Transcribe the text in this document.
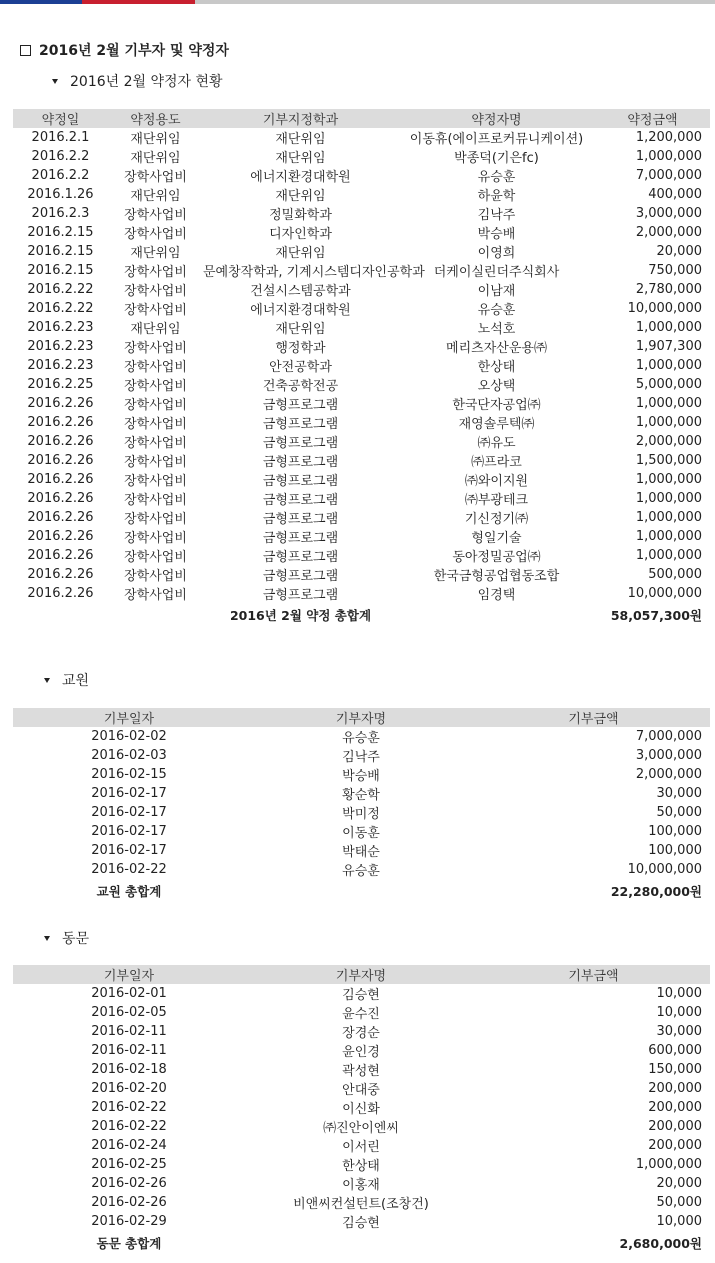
2016년 2월 기부자 및 약정자
2016년 2월 약정자 현황
약정일	약정용도	기부지정학과	약정자명	약정금액
2016.2.1	재단위임	재단위임	이동휴(에이프로커뮤니케이션)	1,200,000
2016.2.2	재단위임	재단위임	박종덕(기은fc)	1,000,000
2016.2.2	장학사업비	에너지환경대학원	유승훈	7,000,000
2016.1.26	재단위임	재단위임	하윤학	400,000
2016.2.3	장학사업비	정밀화학과	김낙주	3,000,000
2016.2.15	장학사업비	디자인학과	박승배	2,000,000
2016.2.15	재단위임	재단위임	이영희	20,000
2016.2.15	장학사업비	문예창작학과, 기계시스템디자인공학과	더케이실린더주식회사	750,000
2016.2.22	장학사업비	건설시스템공학과	이남재	2,780,000
2016.2.22	장학사업비	에너지환경대학원	유승훈	10,000,000
2016.2.23	재단위임	재단위임	노석호	1,000,000
2016.2.23	장학사업비	행정학과	메리츠자산운용㈜	1,907,300
2016.2.23	장학사업비	안전공학과	한상태	1,000,000
2016.2.25	장학사업비	건축공학전공	오상택	5,000,000
2016.2.26	장학사업비	금형프로그램	한국단자공업㈜	1,000,000
2016.2.26	장학사업비	금형프로그램	재영솔루텍㈜	1,000,000
2016.2.26	장학사업비	금형프로그램	㈜유도	2,000,000
2016.2.26	장학사업비	금형프로그램	㈜프라코	1,500,000
2016.2.26	장학사업비	금형프로그램	㈜와이지원	1,000,000
2016.2.26	장학사업비	금형프로그램	㈜부광테크	1,000,000
2016.2.26	장학사업비	금형프로그램	기신정기㈜	1,000,000
2016.2.26	장학사업비	금형프로그램	형일기술	1,000,000
2016.2.26	장학사업비	금형프로그램	동아정밀공업㈜	1,000,000
2016.2.26	장학사업비	금형프로그램	한국금형공업협동조합	500,000
2016.2.26	장학사업비	금형프로그램	임경택	10,000,000
		2016년 2월 약정 총합계		58,057,300원
교원
기부일자	기부자명	기부금액
2016-02-02	유승훈	7,000,000
2016-02-03	김낙주	3,000,000
2016-02-15	박승배	2,000,000
2016-02-17	황순학	30,000
2016-02-17	박미정	50,000
2016-02-17	이동훈	100,000
2016-02-17	박태순	100,000
2016-02-22	유승훈	10,000,000
교원 총합계		22,280,000원
동문
기부일자	기부자명	기부금액
2016-02-01	김승현	10,000
2016-02-05	윤수진	10,000
2016-02-11	장경순	30,000
2016-02-11	윤인경	600,000
2016-02-18	곽성현	150,000
2016-02-20	안대중	200,000
2016-02-22	이신화	200,000
2016-02-22	㈜진안이엔씨	200,000
2016-02-24	이서린	200,000
2016-02-25	한상태	1,000,000
2016-02-26	이홍재	20,000
2016-02-26	비앤씨컨설턴트(조창건)	50,000
2016-02-29	김승현	10,000
동문 총합계		2,680,000원
